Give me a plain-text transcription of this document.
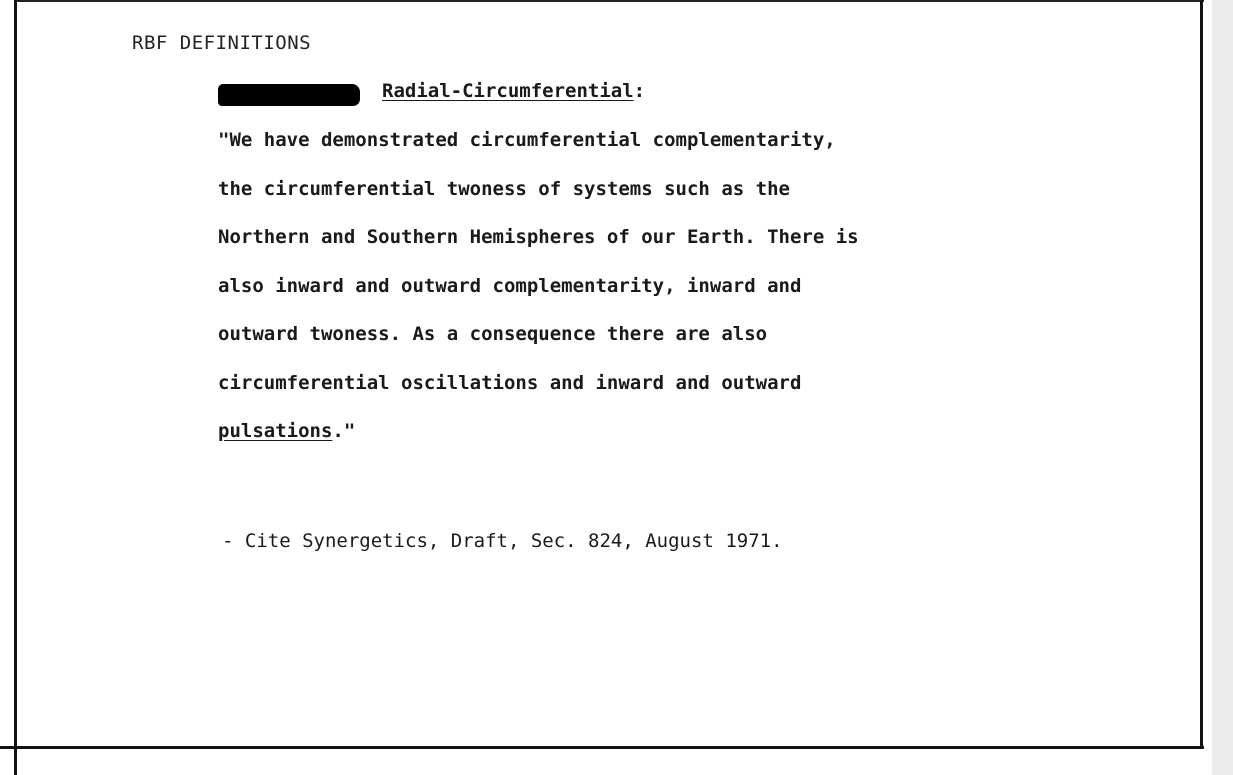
RBF DEFINITIONS
Radial-Circumferential:
"We have demonstrated circumferential complementarity,
the circumferential twoness of systems such as the
Northern and Southern Hemispheres of our Earth. There is
also inward and outward complementarity, inward and
outward twoness. As a consequence there are also
circumferential oscillations and inward and outward
pulsations."
- Cite Synergetics, Draft, Sec. 824, August 1971.
